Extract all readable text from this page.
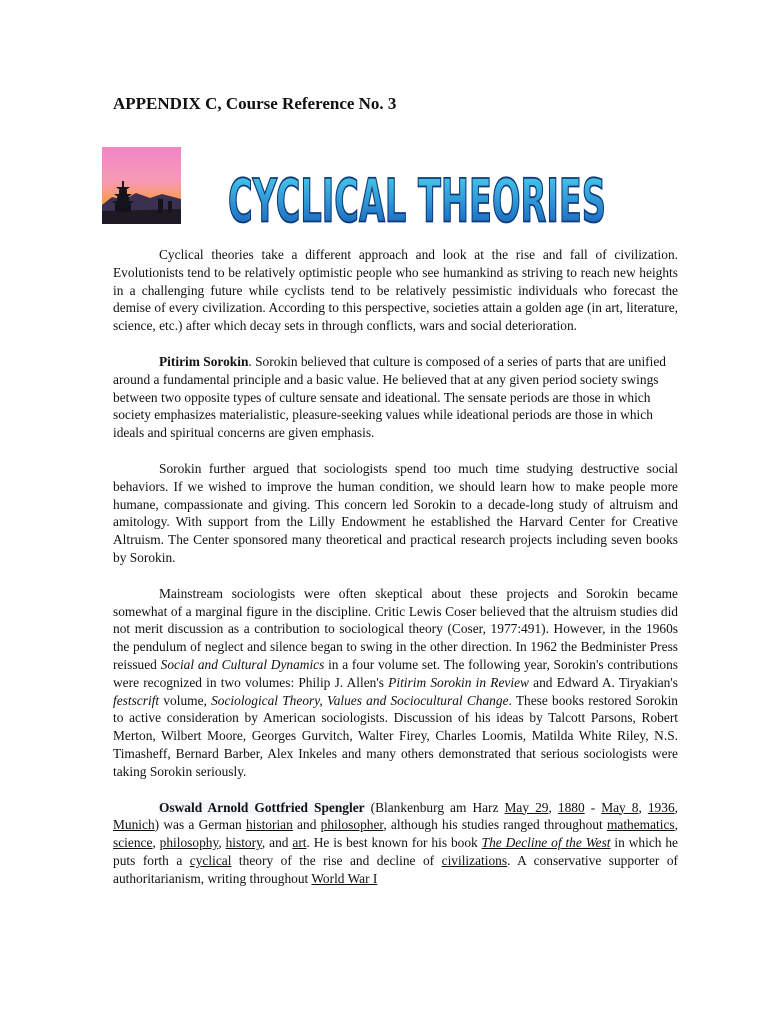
APPENDIX C, Course Reference No. 3
CYCLICAL THEORIES

Cyclical theories take a different approach and look at the rise and fall of civilization. Evolutionists tend to be relatively optimistic people who see humankind as striving to reach new heights in a challenging future while cyclists tend to be relatively pessimistic individuals who forecast the demise of every civilization. According to this perspective, societies attain a golden age (in art, literature, science, etc.) after which decay sets in through conflicts, wars and social deterioration.

Pitirim Sorokin. Sorokin believed that culture is composed of a series of parts that are unified around a fundamental principle and a basic value. He believed that at any given period society swings between two opposite types of culture sensate and ideational. The sensate periods are those in which society emphasizes materialistic, pleasure-seeking values while ideational periods are those in which ideals and spiritual concerns are given emphasis.

Sorokin further argued that sociologists spend too much time studying destructive social behaviors. If we wished to improve the human condition, we should learn how to make people more humane, compassionate and giving. This concern led Sorokin to a decade-long study of altruism and amitology. With support from the Lilly Endowment he established the Harvard Center for Creative Altruism. The Center sponsored many theoretical and practical research projects including seven books by Sorokin.

Mainstream sociologists were often skeptical about these projects and Sorokin became somewhat of a marginal figure in the discipline. Critic Lewis Coser believed that the altruism studies did not merit discussion as a contribution to sociological theory (Coser, 1977:491). However, in the 1960s the pendulum of neglect and silence began to swing in the other direction. In 1962 the Bedminister Press reissued Social and Cultural Dynamics in a four volume set. The following year, Sorokin's contributions were recognized in two volumes: Philip J. Allen's Pitirim Sorokin in Review and Edward A. Tiryakian's festscrift volume, Sociological Theory, Values and Sociocultural Change. These books restored Sorokin to active consideration by American sociologists. Discussion of his ideas by Talcott Parsons, Robert Merton, Wilbert Moore, Georges Gurvitch, Walter Firey, Charles Loomis, Matilda White Riley, N.S. Timasheff, Bernard Barber, Alex Inkeles and many others demonstrated that serious sociologists were taking Sorokin seriously.

Oswald Arnold Gottfried Spengler (Blankenburg am Harz May 29, 1880 - May 8, 1936, Munich) was a German historian and philosopher, although his studies ranged throughout mathematics, science, philosophy, history, and art. He is best known for his book The Decline of the West in which he puts forth a cyclical theory of the rise and decline of civilizations. A conservative supporter of authoritarianism, writing throughout World War I
